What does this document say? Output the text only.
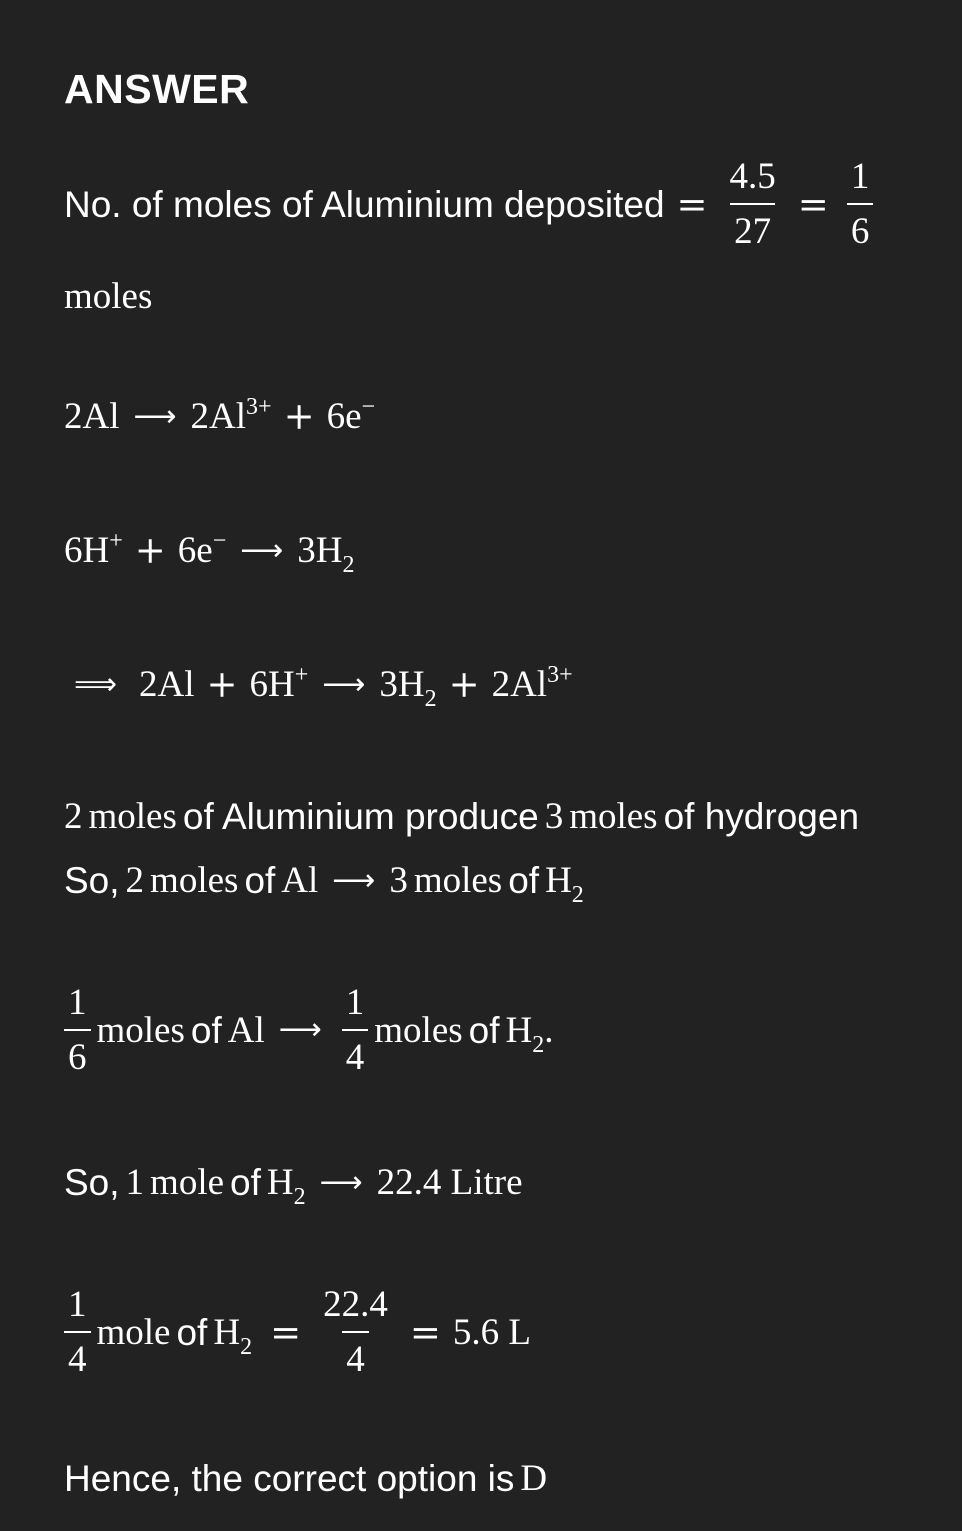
ANSWER
No. of moles of Aluminium deposited = $\frac{4.5}{27} = \frac{1}{6}$
moles
2Al ⟶ $2Al^{3+} + 6e^-$
6H+ + 6e− ⟶ $3H_2$
⟹ 2Al + 6H+ ⟶ $3H_2 + 2Al^{3+}$
2 moles of Aluminium produce 3 moles of hydrogen
So, 2 moles of Al ⟶ 3 moles of $H_2$
$\frac{1}{6}$ moles of Al ⟶ $\frac{1}{4}$ moles of $H_2$.
So, 1 mole of $H_2$ ⟶ 22.4 Litre
$\frac{1}{4}$ mole of $H_2 = \frac{22.4}{4} = 5.6$ L
Hence, the correct option is D
